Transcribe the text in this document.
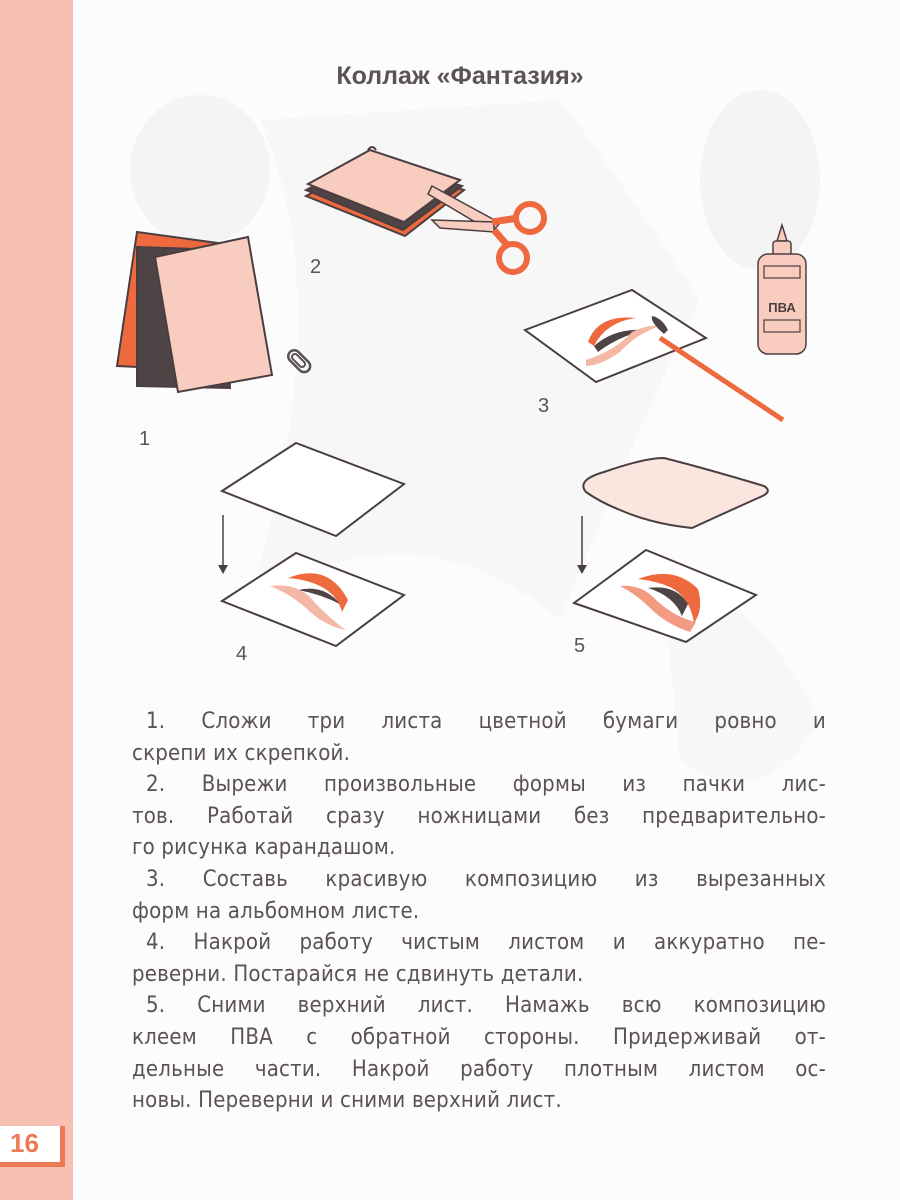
16
Коллаж «Фантазия»
ПВА
1
2
3
4	5

1. Сложи три листа цветной бумаги ровно и

скрепи их скрепкой.

2. Вырежи произвольные формы из пачки лис-

тов. Работай сразу ножницами без предварительно-

го рисунка карандашом.

3. Составь красивую композицию из вырезанных

форм на альбомном листе.

4. Накрой работу чистым листом и аккуратно пе-

реверни. Постарайся не сдвинуть детали.

5. Сними верхний лист. Намажь всю композицию

клеем ПВА с обратной стороны. Придерживай от-

дельные части. Накрой работу плотным листом ос-

новы. Переверни и сними верхний лист.
